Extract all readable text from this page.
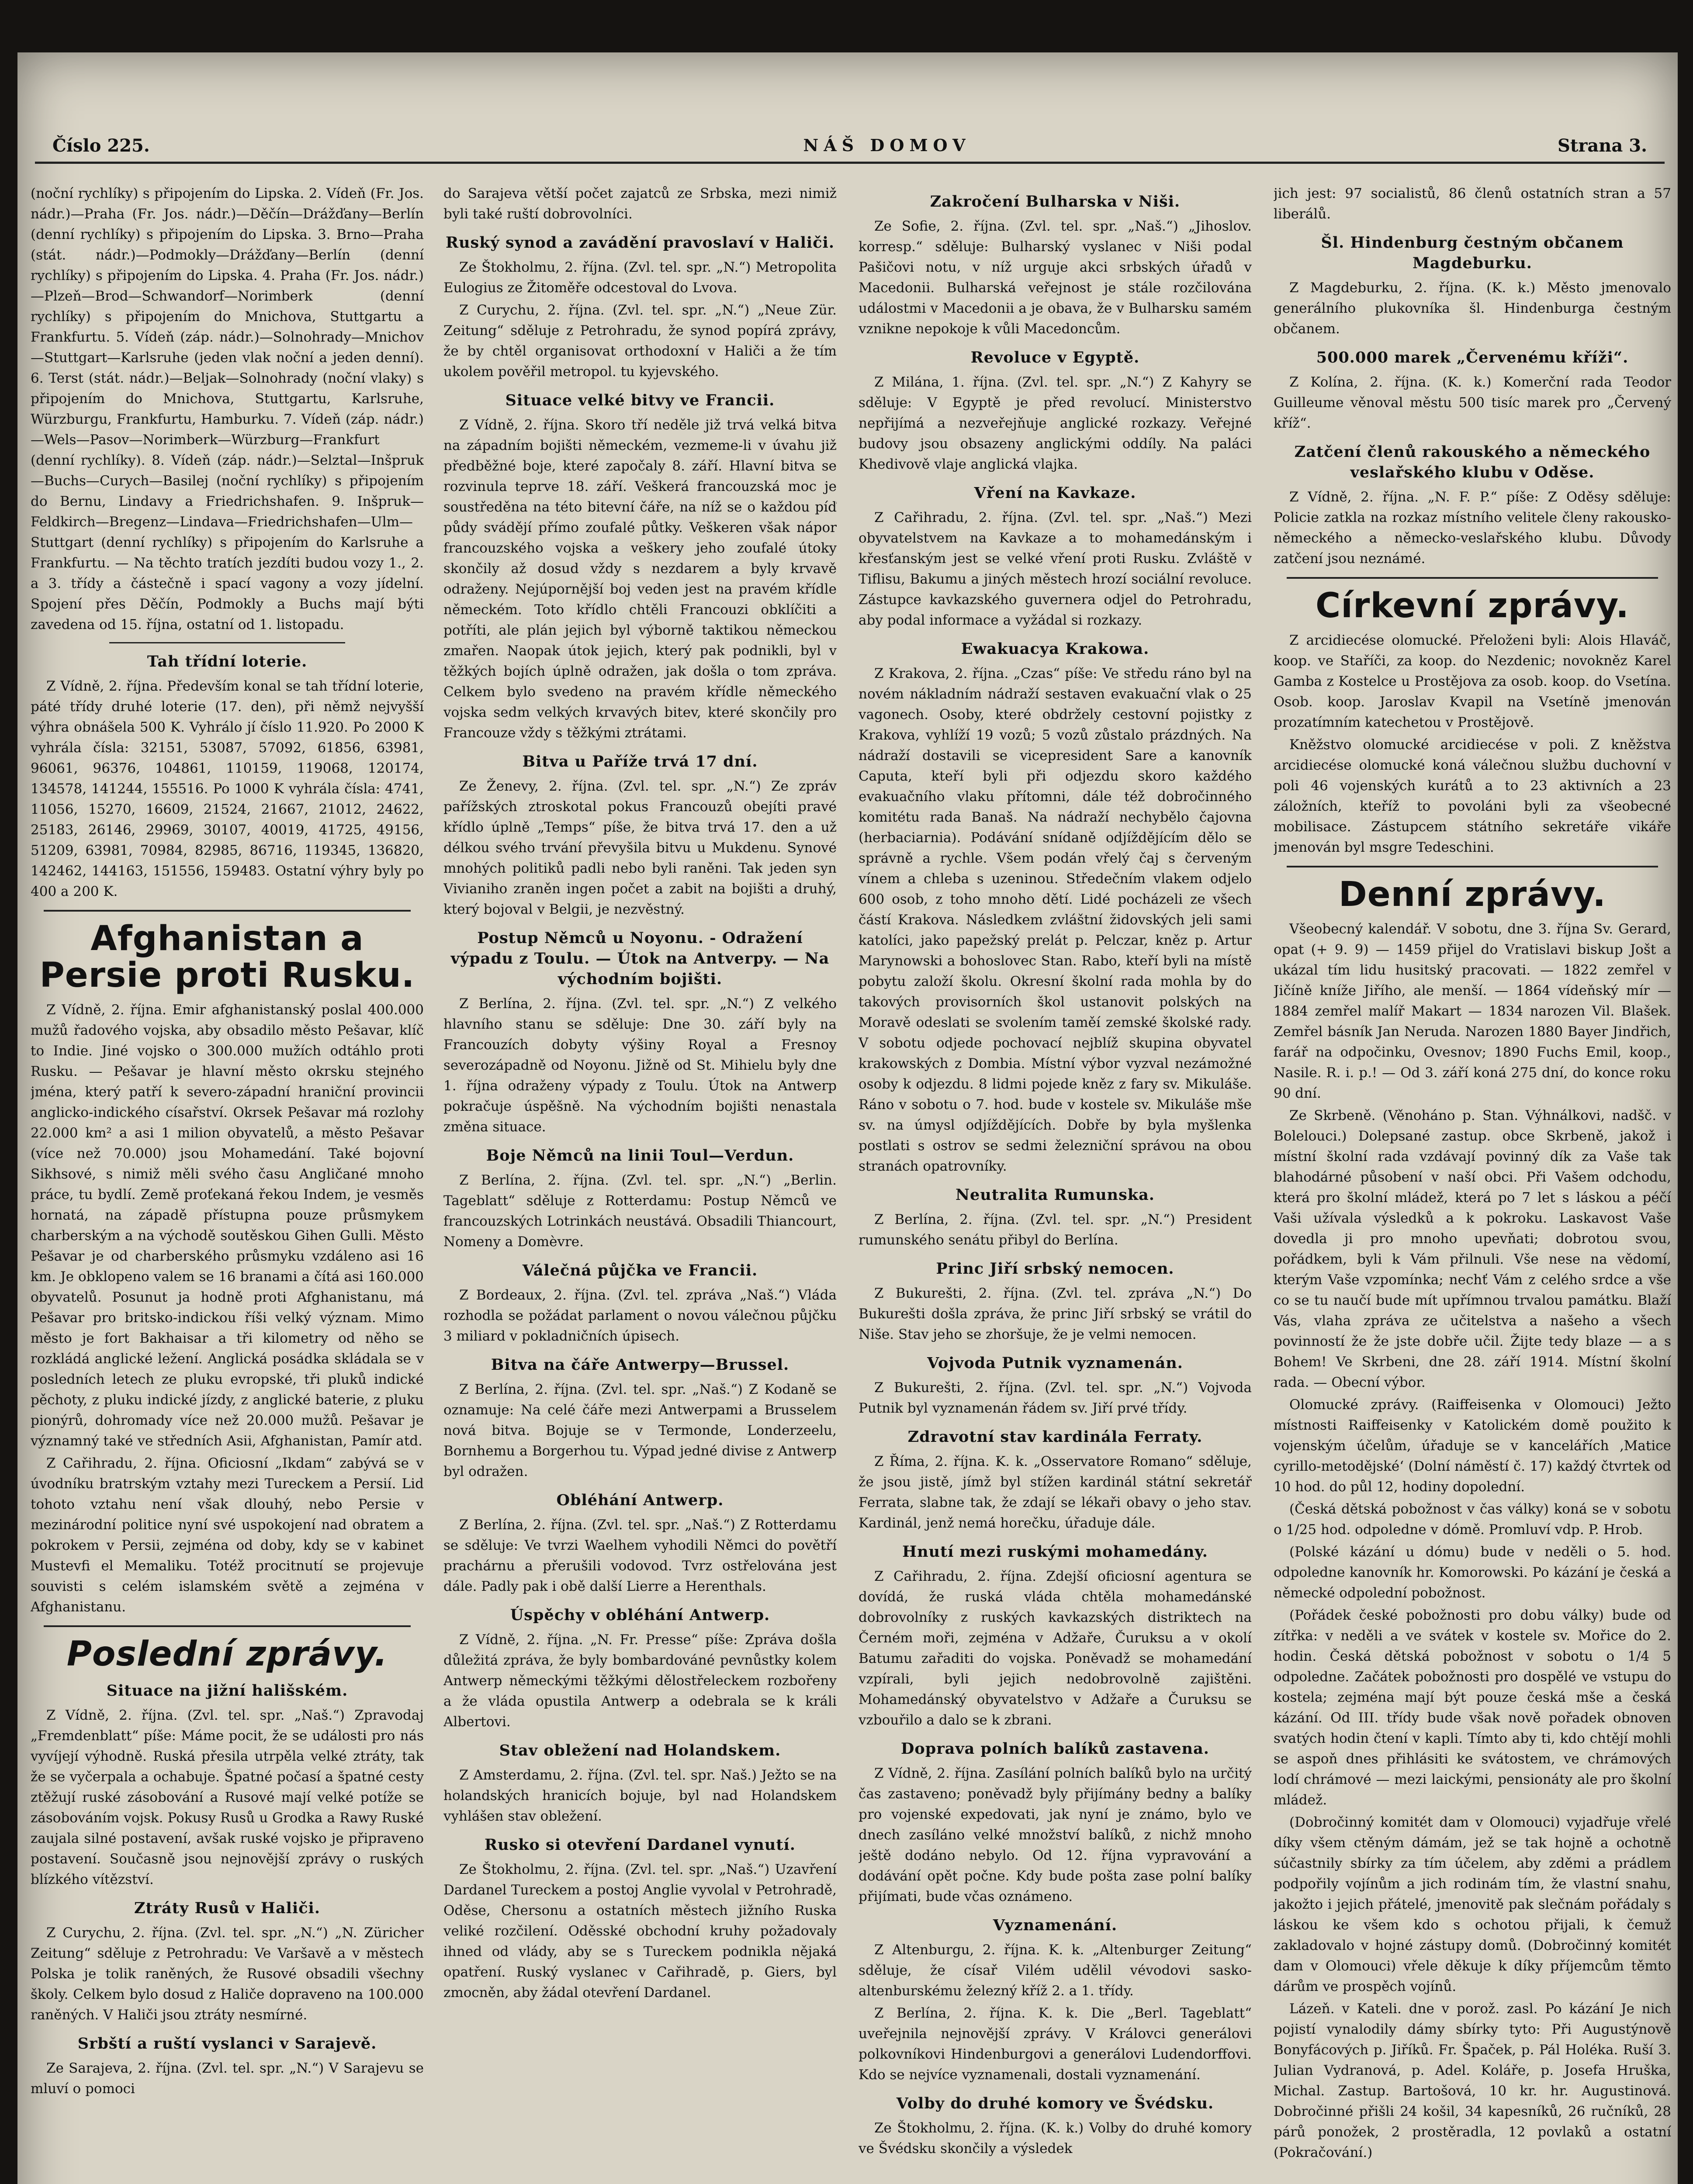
Číslo 225.	NÁŠ DOMOV	Strana 3.

(noční rychlíky) s připojením do Lipska. 2. Vídeň (Fr. Jos. nádr.)—Praha (Fr. Jos. nádr.)—Děčín—Drážďany—Berlín (denní rychlíky) s připojením do Lipska. 3. Brno—Praha (stát. nádr.)—Podmokly—Drážďany—Berlín (denní rychlíky) s připojením do Lipska. 4. Praha (Fr. Jos. nádr.)—Plzeň—Brod—Schwandorf—Norimberk (denní rychlíky) s připojením do Mnichova, Stuttgartu a Frankfurtu. 5. Vídeň (záp. nádr.)—Solnohrady—Mnichov—Stuttgart—Karlsruhe (jeden vlak noční a jeden denní). 6. Terst (stát. nádr.)—Beljak—Solnohrady (noční vlaky) s připojením do Mnichova, Stuttgartu, Karlsruhe, Würzburgu, Frankfurtu, Hamburku. 7. Vídeň (záp. nádr.)—Wels—Pasov—Norimberk—Würzburg—Frankfurt (denní rychlíky). 8. Vídeň (záp. nádr.)—Selztal—Inšpruk—Buchs—Curych—Basilej (noční rychlíky) s připojením do Bernu, Lindavy a Friedrichshafen. 9. Inšpruk—Feldkirch—Bregenz—Lindava—Friedrichshafen—Ulm—Stuttgart (denní rychlíky) s připojením do Karlsruhe a Frankfurtu. — Na těchto tratích jezdíti budou vozy 1., 2. a 3. třídy a částečně i spací vagony a vozy jídelní. Spojení přes Děčín, Podmokly a Buchs mají býti zavedena od 15. října, ostatní od 1. listopadu.

Tah třídní loterie.

Z Vídně, 2. října. Především konal se tah třídní loterie, páté třídy druhé loterie (17. den), při němž nejvyšší výhra obnášela 500 K. Vyhrálo jí číslo 11.920. Po 2000 K vyhrála čísla: 32151, 53087, 57092, 61856, 63981, 96061, 96376, 104861, 110159, 119068, 120174, 134578, 141244, 155516. Po 1000 K vyhrála čísla: 4741, 11056, 15270, 16609, 21524, 21667, 21012, 24622, 25183, 26146, 29969, 30107, 40019, 41725, 49156, 51209, 63981, 70984, 82985, 86716, 119345, 136820, 142462, 144163, 151556, 159483. Ostatní výhry byly po 400 a 200 K.

Afghanistan a Persie proti Rusku.

Z Vídně, 2. října. Emir afghanistanský poslal 400.000 mužů řadového vojska, aby obsadilo město Pešavar, klíč to Indie. Jiné vojsko o 300.000 mužích odtáhlo proti Rusku. — Pešavar je hlavní město okrsku stejného jména, který patří k severo-západní hraniční provincii anglicko-indického císařství. Okrsek Pešavar má rozlohy 22.000 km² a asi 1 milion obyvatelů, a město Pešavar (více než 70.000) jsou Mohamedání. Také bojovní Sikhsové, s nimiž měli svého času Angličané mnoho práce, tu bydlí. Země proťekaná řekou Indem, je vesměs hornatá, na západě přístupna pouze průsmykem charberským a na východě soutěskou Gihen Gulli. Město Pešavar je od charberského průsmyku vzdáleno asi 16 km. Je obklopeno valem se 16 branami a čítá asi 160.000 obyvatelů. Posunut ja hodně proti Afghanistanu, má Pešavar pro britsko-indickou říši velký význam. Mimo město je fort Bakhaisar a tři kilometry od něho se rozkládá anglické ležení. Anglická posádka skládala se v posledních letech ze pluku evropské, tři pluků indické pěchoty, z pluku indické jízdy, z anglické baterie, z pluku pionýrů, dohromady více než 20.000 mužů. Pešavar je významný také ve středních Asii, Afghanistan, Pamír atd.

Z Cařihradu, 2. října. Oficiosní „Ikdam“ zabývá se v úvodníku bratrským vztahy mezi Tureckem a Persií. Lid tohoto vztahu není však dlouhý, nebo Persie v mezinárodní politice nyní své uspokojení nad obratem a pokrokem v Persii, zejména od doby, kdy se v kabinet Mustevfi el Memaliku. Totéž procitnutí se projevuje souvisti s celém islamském světě a zejména v Afghanistanu.

Poslední zprávy.
Situace na jižní hališském.

Z Vídně, 2. října. (Zvl. tel. spr. „Naš.“) Zpravodaj „Fremdenblatt“ píše: Máme pocit, že se události pro nás vyvíjejí výhodně. Ruská přesila utrpěla velké ztráty, tak že se vyčerpala a ochabuje. Špatné počasí a špatné cesty ztěžují ruské zásobování a Rusové mají velké potíže se zásobováním vojsk. Pokusy Rusů u Grodka a Rawy Ruské zaujala silné postavení, avšak ruské vojsko je připraveno postavení. Současně jsou nejnovější zprávy o ruských blízkého vítězství.

Ztráty Rusů v Haliči.

Z Curychu, 2. října. (Zvl. tel. spr. „N.“) „N. Züricher Zeitung“ sděluje z Petrohradu: Ve Varšavě a v městech Polska je tolik raněných, že Rusové obsadili všechny školy. Celkem bylo dosud z Haliče dopraveno na 100.000 raněných. V Haliči jsou ztráty nesmírné.

Srbští a ruští vyslanci v Sarajevě.

Ze Sarajeva, 2. října. (Zvl. tel. spr. „N.“) V Sarajevu se mluví o pomoci

do Sarajeva větší počet zajatců ze Srbska, mezi nimiž byli také ruští dobrovolníci.

Ruský synod a zavádění pravoslaví v Haliči.

Ze Štokholmu, 2. října. (Zvl. tel. spr. „N.“) Metropolita Eulogius ze Žitoměře odcestoval do Lvova.

Z Curychu, 2. října. (Zvl. tel. spr. „N.“) „Neue Zür. Zeitung“ sděluje z Petrohradu, že synod popírá zprávy, že by chtěl organisovat orthodoxní v Haliči a že tím ukolem pověřil metropol. tu kyjevského.

Situace velké bitvy ve Francii.

Z Vídně, 2. října. Skoro tří neděle již trvá velká bitva na západním bojišti německém, vezmeme-li v úvahu již předběžné boje, které započaly 8. září. Hlavní bitva se rozvinula teprve 18. září. Veškerá francouzská moc je soustředěna na této bitevní čáře, na níž se o každou píď půdy svádějí přímo zoufalé půtky. Veškeren však nápor francouzského vojska a veškery jeho zoufalé útoky skončily až dosud vždy s nezdarem a byly krvavě odraženy. Nejúpornější boj veden jest na pravém křídle německém. Toto křídlo chtěli Francouzi obklíčiti a potříti, ale plán jejich byl výborně taktikou německou zmařen. Naopak útok jejich, který pak podnikli, byl v těžkých bojích úplně odražen, jak došla o tom zpráva. Celkem bylo svedeno na pravém křídle německého vojska sedm velkých krvavých bitev, které skončily pro Francouze vždy s těžkými ztrátami.

Bitva u Paříže trvá 17 dní.

Ze Ženevy, 2. října. (Zvl. tel. spr. „N.“) Ze zpráv pařížských ztroskotal pokus Francouzů obejíti pravé křídlo úplně „Temps“ píše, že bitva trvá 17. den a už délkou svého trvání převyšila bitvu u Mukdenu. Synové mnohých politiků padli nebo byli raněni. Tak jeden syn Vivianiho zraněn ingen počet a zabit na bojišti a druhý, který bojoval v Belgii, je nezvěstný.

Postup Němců u Noyonu. - Odražení výpadu z Toulu. — Útok na Antverpy. — Na východním bojišti.

Z Berlína, 2. října. (Zvl. tel. spr. „N.“) Z velkého hlavního stanu se sděluje: Dne 30. září byly na Francouzích dobyty výšiny Royal a Fresnoy severozápadně od Noyonu. Jižně od St. Mihielu byly dne 1. října odraženy výpady z Toulu. Útok na Antwerp pokračuje úspěšně. Na východním bojišti nenastala změna situace.

Boje Němců na linii Toul—Verdun.

Z Berlína, 2. října. (Zvl. tel. spr. „N.“) „Berlin. Tageblatt“ sděluje z Rotterdamu: Postup Němců ve francouzských Lotrinkách neustává. Obsadili Thiancourt, Nomeny a Domèvre.

Válečná půjčka ve Francii.

Z Bordeaux, 2. října. (Zvl. tel. zpráva „Naš.“) Vláda rozhodla se požádat parlament o novou válečnou půjčku 3 miliard v pokladničních úpisech.

Bitva na čáře Antwerpy—Brussel.

Z Berlína, 2. října. (Zvl. tel. spr. „Naš.“) Z Kodaně se oznamuje: Na celé čáře mezi Antwerpami a Brusselem nová bitva. Bojuje se v Termonde, Londerzeelu, Bornhemu a Borgerhou tu. Výpad jedné divise z Antwerp byl odražen.

Obléhání Antwerp.

Z Berlína, 2. října. (Zvl. tel. spr. „Naš.“) Z Rotterdamu se sděluje: Ve tvrzi Waelhem vyhodili Němci do povětří prachárnu a přerušili vodovod. Tvrz ostřelována jest dále. Padly pak i obě další Lierre a Herenthals.

Úspěchy v obléhání Antwerp.

Z Vídně, 2. října. „N. Fr. Presse“ píše: Zpráva došla důležitá zpráva, že byly bombardováné pevnůstky kolem Antwerp německými těžkými dělostřeleckem rozbořeny a že vláda opustila Antwerp a odebrala se k králi Albertovi.

Stav obležení nad Holandskem.

Z Amsterdamu, 2. října. (Zvl. tel. spr. Naš.) Ježto se na holandských hranicích bojuje, byl nad Holandskem vyhlášen stav obležení.

Rusko si otevření Dardanel vynutí.

Ze Štokholmu, 2. října. (Zvl. tel. spr. „Naš.“) Uzavření Dardanel Tureckem a postoj Anglie vyvolal v Petrohradě, Oděse, Chersonu a ostatních městech jižního Ruska veliké rozčilení. Oděsské obchodní kruhy požadovaly ihned od vlády, aby se s Tureckem podnikla nějaká opatření. Ruský vyslanec v Cařihradě, p. Giers, byl zmocněn, aby žádal otevření Dardanel.

Zakročení Bulharska v Niši.

Ze Sofie, 2. října. (Zvl. tel. spr. „Naš.“) „Jihoslov. korresp.“ sděluje: Bulharský vyslanec v Niši podal Pašičovi notu, v níž urguje akci srbských úřadů v Macedonii. Bulharská veřejnost je stále rozčilována událostmi v Macedonii a je obava, že v Bulharsku samém vznikne nepokoje k vůli Macedoncům.

Revoluce v Egyptě.

Z Milána, 1. října. (Zvl. tel. spr. „N.“) Z Kahyry se sděluje: V Egyptě je před revolucí. Ministerstvo nepřijímá a nezveřejňuje anglické rozkazy. Veřejné budovy jsou obsazeny anglickými oddíly. Na paláci Khedivově vlaje anglická vlajka.

Vření na Kavkaze.

Z Cařihradu, 2. října. (Zvl. tel. spr. „Naš.“) Mezi obyvatelstvem na Kavkaze a to mohamedánským i křesťanským jest se velké vření proti Rusku. Zvláště v Tiflisu, Bakumu a jiných městech hrozí sociální revoluce. Zástupce kavkazského guvernera odjel do Petrohradu, aby podal informace a vyžádal si rozkazy.

Ewakuacya Krakowa.

Z Krakova, 2. října. „Czas“ píše: Ve středu ráno byl na novém nákladním nádraží sestaven evakuační vlak o 25 vagonech. Osoby, které obdržely cestovní pojistky z Krakova, vyhlíží 19 vozů; 5 vozů zůstalo prázdných. Na nádraží dostavili se vicepresident Sare a kanovník Caputa, kteří byli při odjezdu skoro každého evakuačního vlaku přítomni, dále též dobročinného komitétu rada Banaš. Na nádraží nechybělo čajovna (herbaciarnia). Podávání snídaně odjíždějícím dělo se správně a rychle. Všem podán vřelý čaj s červeným vínem a chleba s uzeninou. Středečním vlakem odjelo 600 osob, z toho mnoho dětí. Lidé pocházeli ze všech částí Krakova. Následkem zvláštní židovských jeli sami katolíci, jako papežský prelát p. Pelczar, kněz p. Artur Marynowski a bohoslovec Stan. Rabo, kteří byli na místě pobytu založí školu. Okresní školní rada mohla by do takových provisorních škol ustanovit polských na Moravě odeslati se svolením taměí zemské školské rady. V sobotu odjede pochovací nejblíž skupina obyvatel krakowských z Dombia. Místní výbor vyzval nezámožné osoby k odjezdu. 8 lidmi pojede kněz z fary sv. Mikuláše. Ráno v sobotu o 7. hod. bude v kostele sv. Mikuláše mše sv. na úmysl odjíždějících. Dobře by byla myšlenka postlati s ostrov se sedmi železniční správou na obou stranách opatrovníky.

Neutralita Rumunska.

Z Berlína, 2. října. (Zvl. tel. spr. „N.“) President rumunského senátu přibyl do Berlína.

Princ Jiří srbský nemocen.

Z Bukurešti, 2. října. (Zvl. tel. zpráva „N.“) Do Bukurešti došla zpráva, že princ Jiří srbský se vrátil do Niše. Stav jeho se zhoršuje, že je velmi nemocen.

Vojvoda Putnik vyznamenán.

Z Bukurešti, 2. října. (Zvl. tel. spr. „N.“) Vojvoda Putnik byl vyznamenán řádem sv. Jiří prvé třídy.

Zdravotní stav kardinála Ferraty.

Z Říma, 2. října. K. k. „Osservatore Romano“ sděluje, že jsou jistě, jímž byl stížen kardinál státní sekretář Ferrata, slabne tak, že zdají se lékaři obavy o jeho stav. Kardinál, jenž nemá horečku, úřaduje dále.

Hnutí mezi ruskými mohamedány.

Z Cařihradu, 2. října. Zdejší oficiosní agentura se dovídá, že ruská vláda chtěla mohamedánské dobrovolníky z ruských kavkazských distriktech na Černém moři, zejména v Adžaře, Čuruksu a v okolí Batumu zařaditi do vojska. Poněvadž se mohamedání vzpírali, byli jejich nedobrovolně zajištěni. Mohamedánský obyvatelstvo v Adžaře a Čuruksu se vzbouřilo a dalo se k zbrani.

Doprava polních balíků zastavena.

Z Vídně, 2. října. Zasílání polních balíků bylo na určitý čas zastaveno; poněvadž byly přijímány bedny a balíky pro vojenské expedovati, jak nyní je známo, bylo ve dnech zasíláno velké množství balíků, z nichž mnoho ještě dodáno nebylo. Od 12. října vypravování a dodávání opět počne. Kdy bude pošta zase polní balíky přijímati, bude včas oznámeno.

Vyznamenání.

Z Altenburgu, 2. října. K. k. „Altenburger Zeitung“ sděluje, že císař Vilém udělil vévodovi sasko-altenburskému železný kříž 2. a 1. třídy.

Z Berlína, 2. října. K. k. Die „Berl. Tageblatt“ uveřejnila nejnovější zprávy. V Královci generálovi polkovníkovi Hindenburgovi a generálovi Ludendorffovi. Kdo se nejvíce vyznamenali, dostali vyznamenání.

Volby do druhé komory ve Švédsku.

Ze Štokholmu, 2. října. (K. k.) Volby do druhé komory ve Švédsku skončily a výsledek

jich jest: 97 socialistů, 86 členů ostatních stran a 57 liberálů.

Šl. Hindenburg čestným občanem Magdeburku.

Z Magdeburku, 2. října. (K. k.) Město jmenovalo generálního plukovníka šl. Hindenburga čestným občanem.

500.000 marek „Červenému kříži“.

Z Kolína, 2. října. (K. k.) Komerční rada Teodor Guilleume věnoval městu 500 tisíc marek pro „Červený kříž“.

Zatčení členů rakouského a německého veslařského klubu v Oděse.

Z Vídně, 2. října. „N. F. P.“ píše: Z Oděsy sděluje: Policie zatkla na rozkaz místního velitele členy rakousko-německého a německo-veslařského klubu. Důvody zatčení jsou neznámé.

Církevní zprávy.

Z arcidiecése olomucké. Přeloženi byli: Alois Hlaváč, koop. ve Staříči, za koop. do Nezdenic; novokněz Karel Gamba z Kostelce u Prostějova za osob. koop. do Vsetína. Osob. koop. Jaroslav Kvapil na Vsetíně jmenován prozatímním katechetou v Prostějově.

Kněžstvo olomucké arcidiecése v poli. Z kněžstva arcidiecése olomucké koná válečnou službu duchovní v poli 46 vojenských kurátů a to 23 aktivních a 23 záložních, kteříž to povoláni byli za všeobecné mobilisace. Zástupcem státního sekretáře vikáře jmenován byl msgre Tedeschini.

Denní zprávy.

Všeobecný kalendář. V sobotu, dne 3. října Sv. Gerard, opat (+ 9. 9) — 1459 přijel do Vratislavi biskup Jošt a ukázal tím lidu husitský pracovati. — 1822 zemřel v Jičíně kníže Jiřího, ale menší. — 1864 vídeňský mír — 1884 zemřel malíř Makart — 1834 narozen Vil. Blašek. Zemřel básník Jan Neruda. Narozen 1880 Bayer Jindřich, farář na odpočinku, Ovesnov; 1890 Fuchs Emil, koop., Nasile. R. i. p.! — Od 3. září koná 275 dní, do konce roku 90 dní.

Ze Skrbeně. (Věnoháno p. Stan. Výhnálkovi, nadšč. v Bolelouci.) Dolepsané zastup. obce Skrbeně, jakož i místní školní rada vzdávají povinný dík za Vaše tak blahodárné působení v naší obci. Při Vašem odchodu, která pro školní mládež, která po 7 let s láskou a péčí Vaši užívala výsledků a k pokroku. Laskavost Vaše dovedla ji pro mnoho upevňati; dobrotou svou, pořádkem, byli k Vám přilnuli. Vše nese na vědomí, kterým Vaše vzpomínka; nechť Vám z celého srdce a vše co se tu naučí bude mít upřímnou trvalou památku. Blaží Vás, vlaha zpráva ze učitelstva a našeho a všech povinností že že jste dobře učil. Žijte tedy blaze — a s Bohem! Ve Skrbeni, dne 28. září 1914. Místní školní rada. — Obecní výbor.

Olomucké zprávy. (Raiffeisenka v Olomouci) Ježto místnosti Raiffeisenky v Katolickém domě použito k vojenským účelům, úřaduje se v kancelářích ‚Matice cyrillo-metodějské‘ (Dolní náměstí č. 17) každý čtvrtek od 10 hod. do půl 12, hodiny dopolední.

(Česká dětská pobožnost v čas války) koná se v sobotu o 1/25 hod. odpoledne v dómě. Promluví vdp. P. Hrob.

(Polské kázání u dómu) bude v neděli o 5. hod. odpoledne kanovník hr. Komorowski. Po kázání je česká a německé odpolední pobožnost.

(Pořádek české pobožnosti pro dobu války) bude od zítřka: v neděli a ve svátek v kostele sv. Mořice do 2. hodin. Česká dětská pobožnost v sobotu o 1/4 5 odpoledne. Začátek pobožnosti pro dospělé ve vstupu do kostela; zejména mají být pouze česká mše a česká kázání. Od III. třídy bude však nově pořadek obnoven svatých hodin čtení v kapli. Tímto aby ti, kdo chtějí mohli se aspoň dnes přihlásiti ke svátostem, ve chrámových lodí chrámové — mezi laickými, pensionáty ale pro školní mládež.

(Dobročinný komitét dam v Olomouci) vyjadřuje vřelé díky všem ctěným dámám, jež se tak hojně a ochotně súčastnily sbírky za tím účelem, aby zděmi a prádlem podpořily vojínům a jich rodinám tím, že vlastní snahu, jakožto i jejich přátelé, jmenovitě pak slečnám pořádaly s láskou ke všem kdo s ochotou přijali, k čemuž zakladovalo v hojné zástupy domů. (Dobročinný komitét dam v Olomouci) vřele děkuje k díky příjemcům těmto dárům ve prospěch vojínů.

Lázeň. v Kateli. dne v porož. zasl. Po kázání Je nich pojistí vynalodily dámy sbírky tyto: Při Augustýnově Bonyfácových p. Jiříků. Fr. Špaček, p. Pál Holéka. Ruší 3. Julian Vydranová, p. Adel. Koláře, p. Josefa Hruška, Michal. Zastup. Bartošová, 10 kr. hr. Augustinová. Dobročinné přišli 24 košil, 34 kapesníků, 26 ručníků, 28 párů ponožek, 2 prostěradla, 12 povlaků a ostatní (Pokračování.)
